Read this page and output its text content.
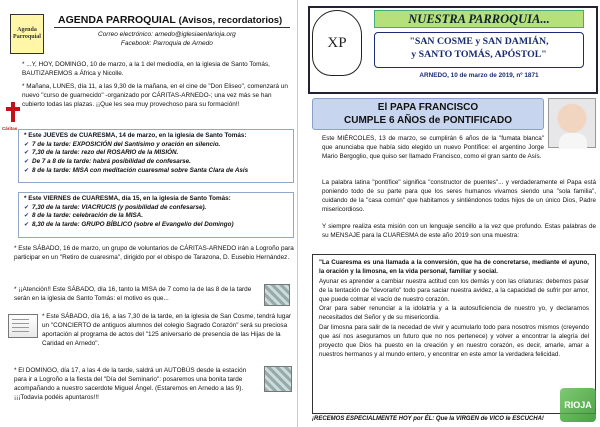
Agenda
Parroquial
AGENDA PARROQUIAL (Avisos, recordatorios)
Correo electrónico: arnedo@iglesiaenlarioja.org
Facebook: Parroquia de Arnedo

* ...Y, HOY, DOMINGO, 10 de marzo, a la 1 del mediodía, en la iglesia de Santo Tomás, BAUTIZAREMOS a África y Nicolle.

Cáritas

* Mañana, LUNES, día 11, a las 9,30 de la mañana, en el cine de "Don Eliseo", comenzará un nuevo "curso de guarnecido" -organizado por CÁRITAS-ARNEDO-; una vez más se han cubierto todas las plazas. ¡¡Que les sea muy provechoso para su formación!!

* Este JUEVES de CUARESMA, 14 de marzo, en la iglesia de Santo Tomás:
✔ 7 de la tarde: EXPOSICIÓN del Santísimo y oración en silencio.
✔ 7,30 de la tarde: rezo del ROSARIO de la MISIÓN.
✔ De 7 a 8 de la tarde: habrá posibilidad de confesarse.
✔ 8 de la tarde: MISA con meditación cuaresmal sobre Santa Clara de Asís
* Este VIERNES de CUARESMA, día 15, en la iglesia de Santo Tomás:
✔ 7,30 de la tarde: VIACRUCIS (y posibilidad de confesarse).
✔ 8 de la tarde: celebración de la MISA.
✔ 8,30 de la tarde: GRUPO BÍBLICO (sobre el Evangelio del Domingo)

* Este SÁBADO, 16 de marzo, un grupo de voluntarios de CÁRITAS-ARNEDO irán a Logroño para participar en un "Retiro de cuaresma", dirigido por el obispo de Tarazona, D. Eusebio Hernández.

* ¡¡Atención!! Este SÁBADO, día 16, tanto la MISA de 7 como la de las 8 de la tarde serán en la iglesia de Santo Tomás: el motivo es que...

* Este SÁBADO, día 16, a las 7,30 de la tarde, en la iglesia de San Cosme, tendrá lugar un "CONCIERTO de antiguos alumnos del colegio Sagrado Corazón" será su preciosa aportación al programa de actos del "125 aniversario de presencia de las Hijas de la Caridad en Arnedo".

* El DOMINGO, día 17, a las 4 de la tarde, saldrá un AUTOBÚS desde la estación para ir a Logroño a la fiesta del "Día del Seminario": posaremos una bonita tarde acompañando a nuestro sacerdote Miguel Ángel. (Estaremos en Arnedo a las 9). ¡¡¡Todavía podéis apuntaros!!!

XP
NUESTRA PARROQUIA...
"SAN COSME y SAN DAMIÁN,
y SANTO TOMÁS, APÓSTOL"
ARNEDO, 10 de marzo de 2019, nº 1871
El PAPA FRANCISCO
CUMPLE 6 AÑOS de PONTIFICADO

Este MIÉRCOLES, 13 de marzo, se cumplirán 6 años de la "fumata blanca" que anunciaba que había sido elegido un nuevo Pontífice: el argentino Jorge Mario Bergoglio, que quiso ser llamado Francisco, como el gran santo de Asís.

La palabra latina "pontífice" significa "constructor de puentes"... y verdaderamente el Papa está poniendo todo de su parte para que los seres humanos vivamos siendo una "sola familia", cuidando de la "casa común" que habitamos y sintiéndonos todos hijos de un único Dios, Padre misericordioso.

Y siempre realiza esta misión con un lenguaje sencillo a la vez que profundo. Estas palabras de su MENSAJE para la CUARESMA de este año 2019 son una muestra:

"La Cuaresma es una llamada a la conversión, que ha de concretarse, mediante el ayuno, la oración y la limosna, en la vida personal, familiar y social.

Ayunar es aprender a cambiar nuestra actitud con los demás y con las criaturas: debemos pasar de la tentación de "devorarlo" todo para saciar nuestra avidez, a la capacidad de sufrir por amor, que puede colmar el vacío de nuestro corazón.

Orar para saber renunciar a la idolatría y a la autosuficiencia de nuestro yo, y declararnos necesitados del Señor y de su misericordia.

Dar limosna para salir de la necedad de vivir y acumularlo todo para nosotros mismos (creyendo que así nos aseguramos un futuro que no nos pertenece) y volver a encontrar la alegría del proyecto que Dios ha puesto en la creación y en nuestro corazón, es decir, amarle, amar a nuestros hermanos y al mundo entero, y encontrar en este amor la verdadera felicidad.

¡RECEMOS ESPECIALMENTE HOY por ÉL: Que la VIRGEN de VICO le ESCUCHA!
RIOJA
